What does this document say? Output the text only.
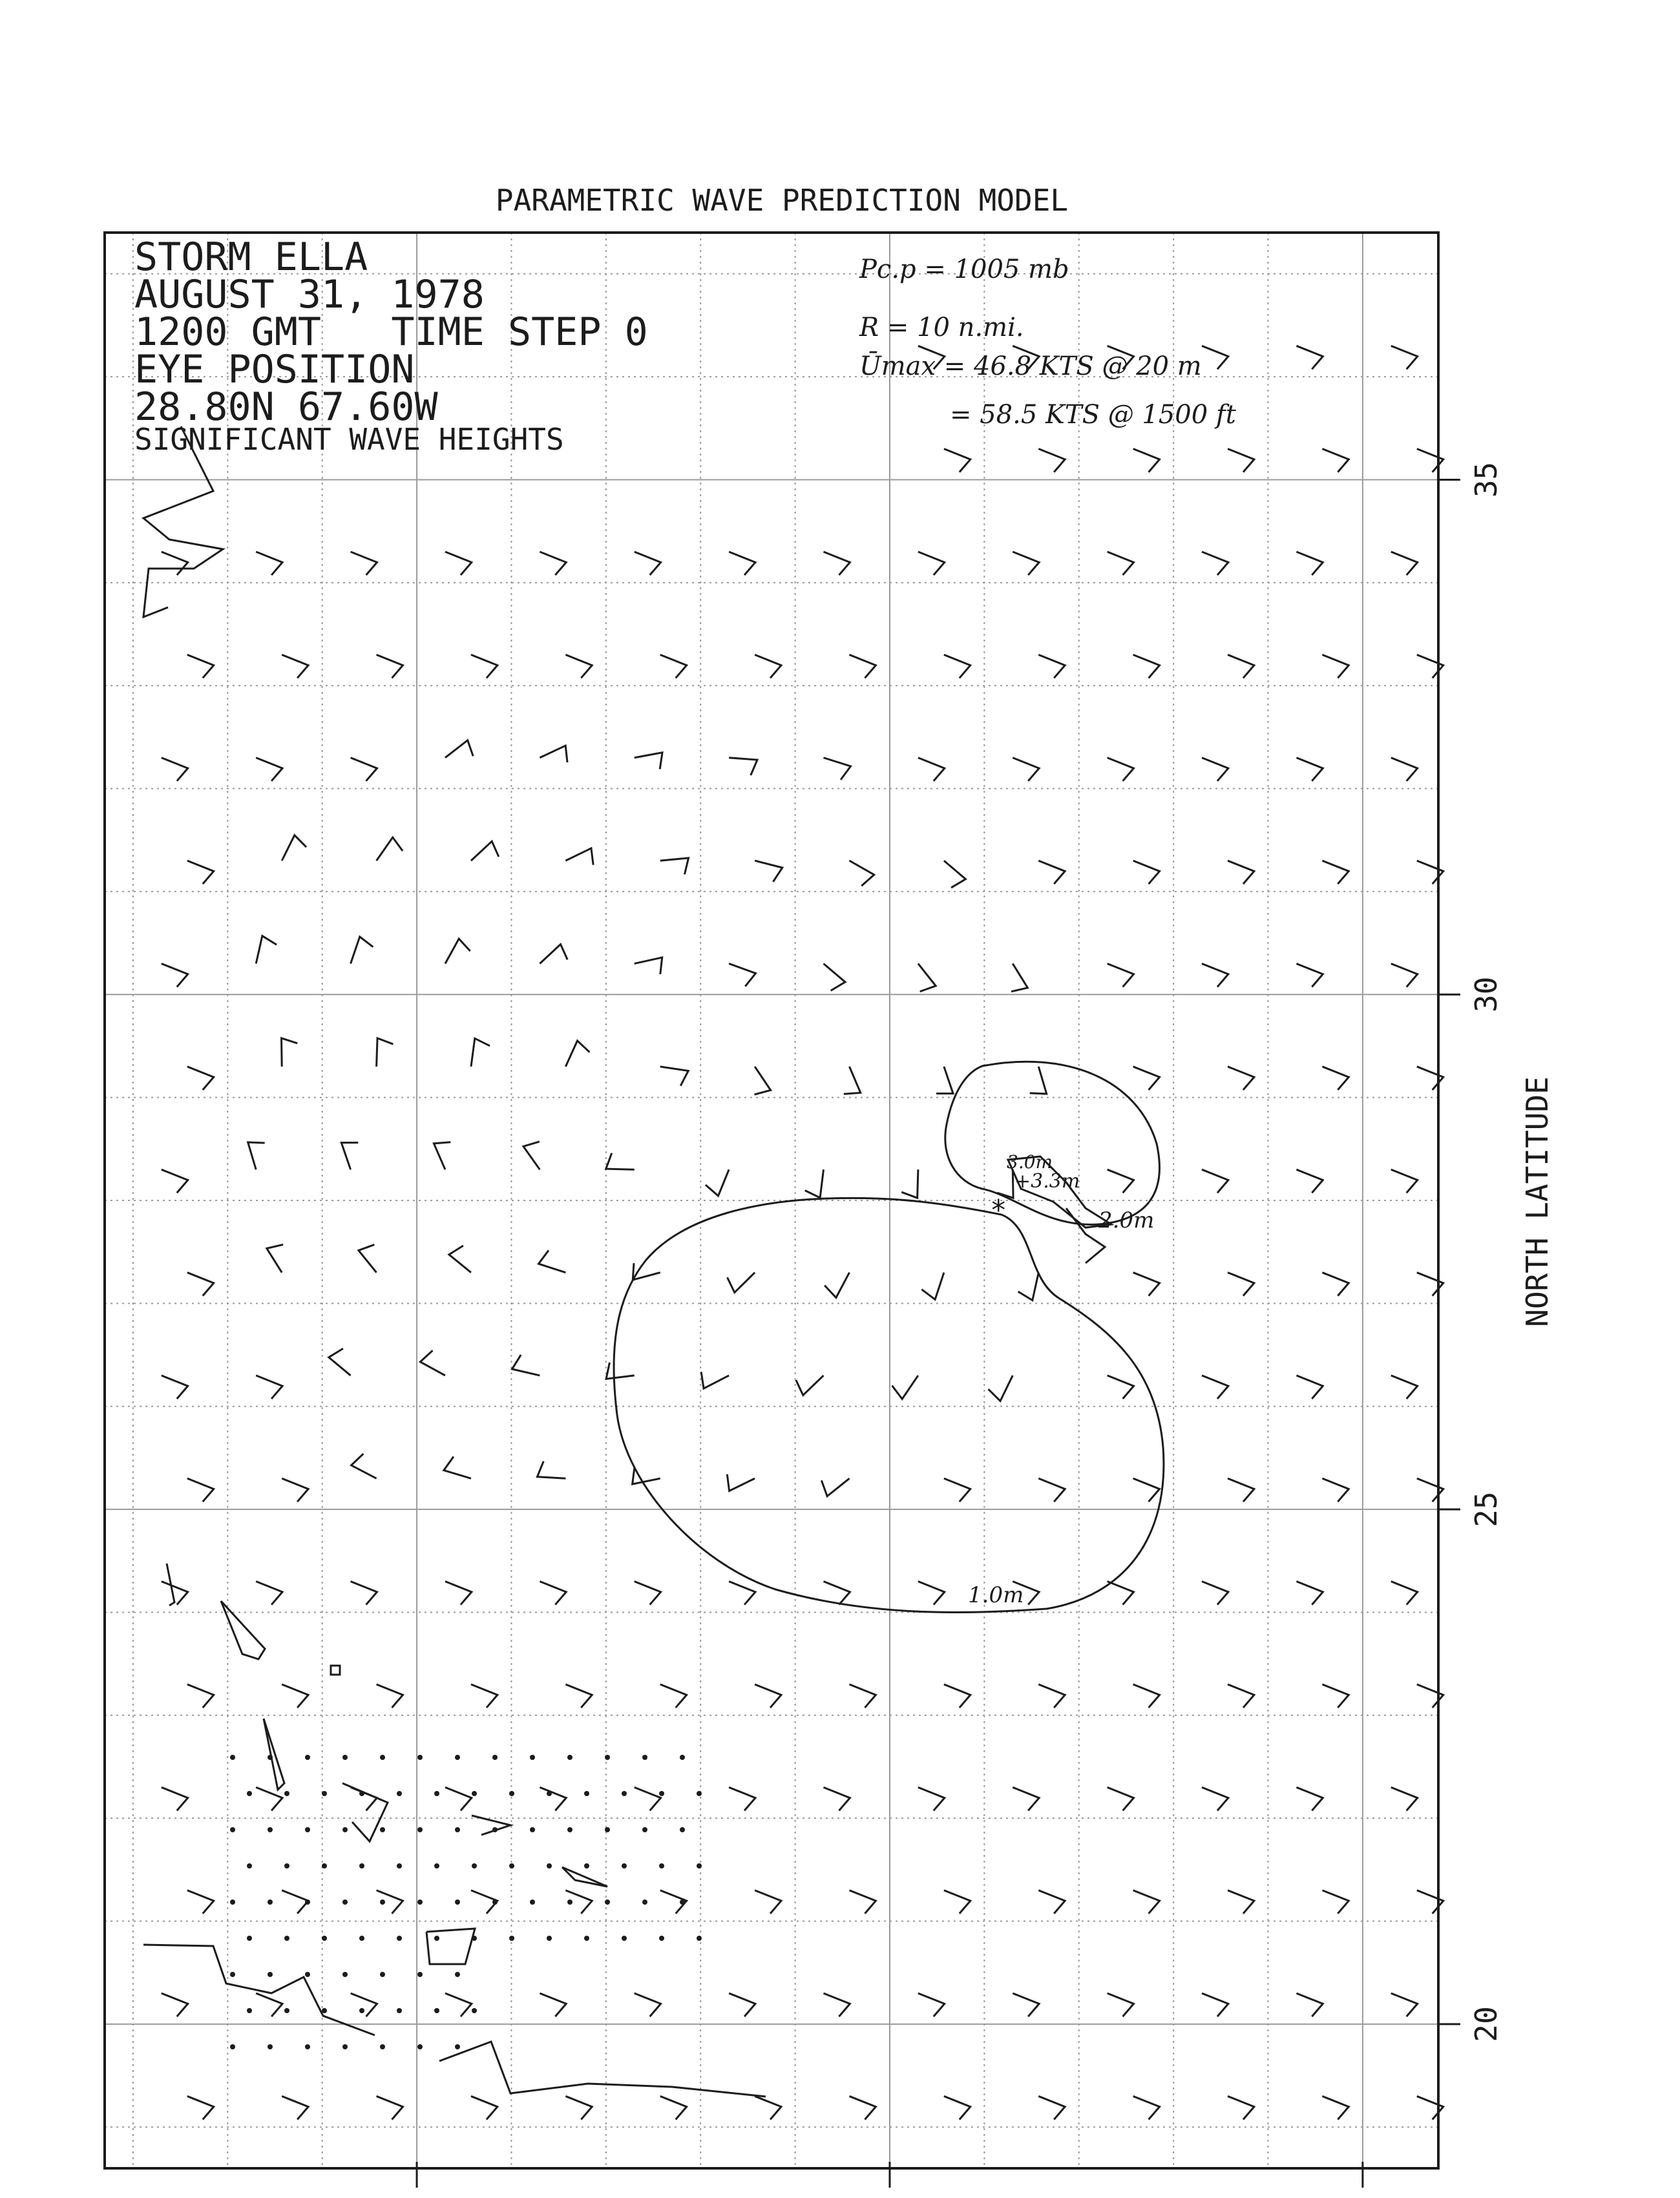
PARAMETRIC WAVE PREDICTION MODEL
*
+3.3m
3.0m
2.0m
1.0m
STORM ELLA
AUGUST 31, 1978
1200 GMT   TIME STEP 0
EYE POSITION
28.80N 67.60W
SIGNIFICANT WAVE HEIGHTS
Pc.p = 1005 mb
R = 10 n.mi.
Ūmax = 46.8 KTS @ 20 m
= 58.5 KTS @ 1500 ft
20
25
30
35
NORTH LATITUDE
